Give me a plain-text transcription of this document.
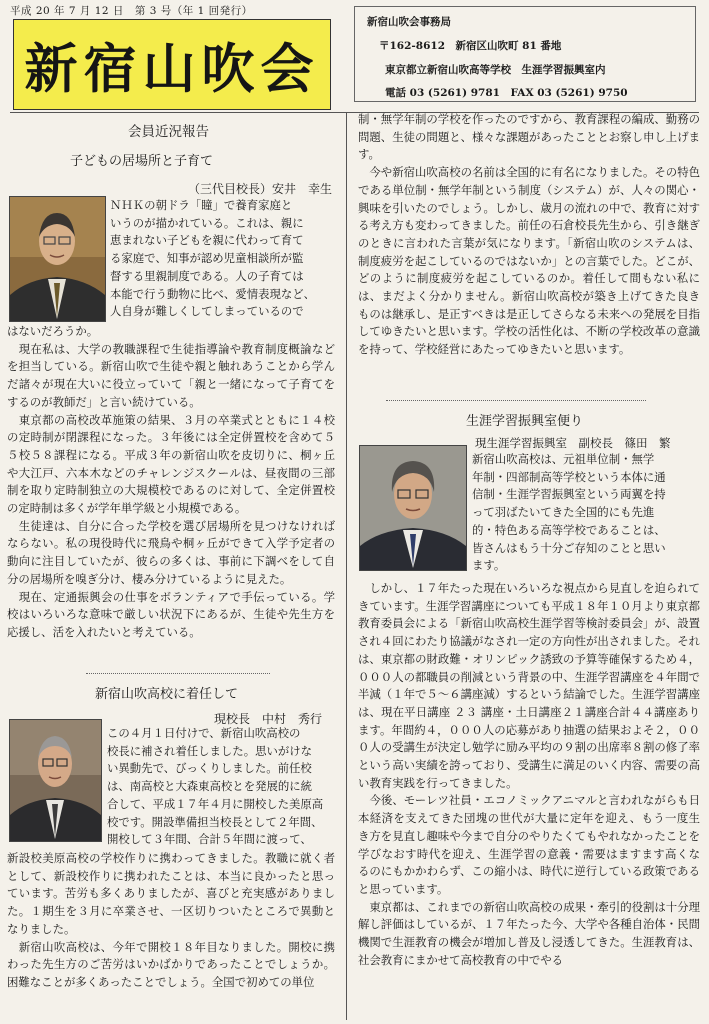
平成 20 年 7 月 12 日　第 3 号（年 1 回発行）
新宿山吹会
新宿山吹会事務局
〒162-8612　新宿区山吹町 81 番地
東京都立新宿山吹高等学校　生涯学習振興室内
電話 03 (5261) 9781　FAX 03 (5261) 9750
会員近況報告
子どもの居場所と子育て
（三代目校長）安井　幸生
ＮＨＫの朝ドラ「瞳」で養育家庭と
いうのが描かれている。これは、親に
恵まれない子どもを親に代わって育て
る家庭で、知事が認め児童相談所が監
督する里親制度である。人の子育ては
本能で行う動物に比べ、愛情表現など、
人自身が難しくしてしまっているので

はないだろうか。

　現在私は、大学の教職課程で生徒指導論や教育制度概論などを担当している。新宿山吹で生徒や親と触れあうことから学んだ諸々が現在大いに役立っていて「親と一緒になって子育てをするのが教師だ」と言い続けている。

　東京都の高校改革施策の結果、３月の卒業式とともに１４校の定時制が閉課程になった。３年後には全定併置校を含めて５５校５８課程になる。平成３年の新宿山吹を皮切りに、桐ヶ丘や大江戸、六本木などのチャレンジスクールは、昼夜間の三部制を取り定時制独立の大規模校であるのに対して、全定併置校の定時制は多くが学年単学級と小規模である。

　生徒達は、自分に合った学校を選び居場所を見つけなければならない。私の現役時代に飛鳥や桐ヶ丘ができて入学予定者の動向に注目していたが、彼らの多くは、事前に下調べをして自分の居場所を嗅ぎ分け、棲み分けているように見えた。

　現在、定通振興会の仕事をボランティアで手伝っている。学校はいろいろな意味で厳しい状況下にあるが、生徒や先生方を応援し、活を入れたいと考えている。

新宿山吹高校に着任して
現校長　中村　秀行
この４月１日付けで、新宿山吹高校の
校長に補され着任しました。思いがけな
い異動先で、びっくりしました。前任校
は、南高校と大森東高校とを発展的に統
合して、平成１７年４月に開校した美原高
校です。開設準備担当校長として２年間、
開校して３年間、合計５年間に渡って、

新設校美原高校の学校作りに携わってきました。教職に就く者として、新設校作りに携われたことは、本当に良かったと思っています。苦労も多くありましたが、喜びと充実感がありました。１期生を３月に卒業させ、一区切りついたところで異動となりました。

　新宿山吹高校は、今年で開校１８年目なりました。開校に携わった先生方のご苦労はいかばかりであったことでしょうか。困難なことが多くあったことでしょう。全国で初めての単位

制・無学年制の学校を作ったのですから、教育課程の編成、勤務の問題、生徒の問題と、様々な課題があったこととお察し申し上げます。

　今や新宿山吹高校の名前は全国的に有名になりました。その特色である単位制・無学年制という制度（システム）が、人々の関心・興味を引いたのでしょう。しかし、歳月の流れの中で、教育に対する考え方も変わってきました。前任の石倉校長先生から、引き継ぎのときに言われた言葉が気になります。「新宿山吹のシステムは、制度疲労を起こしているのではないか」との言葉でした。どこが、どのように制度疲労を起こしているのか。着任して間もない私には、まだよく分かりません。新宿山吹高校が築き上げてきた良きものは継承し、是正すべきは是正してさらなる未来への発展を目指してゆきたいと思います。学校の活性化は、不断の学校改革の意識を持って、学校経営にあたってゆきたいと思います。

生涯学習振興室便り
現生涯学習振興室　副校長　篠田　繁
新宿山吹高校は、元祖単位制・無学
年制・四部制高等学校という本体に通
信制・生涯学習振興室という両翼を持
って羽ばたいてきた全国的にも先進
的・特色ある高等学校であることは、
皆さんはもう十分ご存知のことと思い
ます。

　しかし、１７年たった現在いろいろな視点から見直しを迫られてきています。生涯学習講座についても平成１８年１０月より東京都教育委員会による「新宿山吹高校生涯学習等検討委員会」が、設置され４回にわたり協議がなされ一定の方向性が出されました。それは、東京都の財政難・オリンピック誘致の予算等確保するため４，０００人の都職員の削減という背景の中、生涯学習講座を４年間で半減（１年で５〜６講座減）するという結論でした。生涯学習講座は、現在平日講座 ２３ 講座・土日講座２１講座合計４４講座あります。年間約４，０００人の応募があり抽選の結果およそ２，０００人の受講生が決定し勉学に励み平均の９割の出席率８割の修了率という高い実績を誇っており、受講生に満足のいく内容、需要の高い教育実践を行ってきました。

　今後、モーレツ社員・エコノミックアニマルと言われながらも日本経済を支えてきた団塊の世代が大量に定年を迎え、もう一度生き方を見直し趣味や今まで自分のやりたくてもやれなかったことを学びなおす時代を迎え、生涯学習の意義・需要はますます高くなるのにもかかわらず、この縮小は、時代に逆行している政策であると思っています。

　東京都は、これまでの新宿山吹高校の成果・牽引的役割は十分理解し評価はしているが、１７年たった今、大学や各種自治体・民間機関で生涯教育の機会が増加し普及し浸透してきた。生涯教育は、社会教育にまかせて高校教育の中でやる
